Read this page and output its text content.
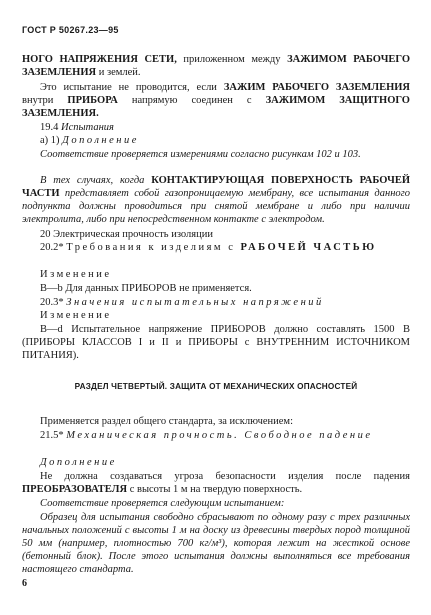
ГОСТ Р 50267.23—95

НОГО НАПРЯЖЕНИЯ СЕТИ, приложенном между ЗАЖИМОМ РАБОЧЕГО ЗАЗЕМЛЕНИЯ и землей.

Это испытание не проводится, если ЗАЖИМ РАБОЧЕГО ЗАЗЕМЛЕНИЯ внутри ПРИБОРА напрямую соединен с ЗАЖИМОМ ЗАЩИТНОГО ЗАЗЕМЛЕНИЯ.

19.4 Испытания

а) 1) Дополнение

Соответствие проверяется измерениями согласно рисункам 102 и 103.

В тех случаях, когда КОНТАКТИРУЮЩАЯ ПОВЕРХНОСТЬ РАБОЧЕЙ ЧАСТИ представляет собой газопроницаемую мембрану, все испытания данного подпункта должны проводиться при снятой мембране и либо при наличии электролита, либо при непосредственном контакте с электродом.

20 Электрическая прочность изоляции

20.2* Требования к изделиям с РАБОЧЕЙ ЧАСТЬЮ

Изменение

В—b Для данных ПРИБОРОВ не применяется.

20.3* Значения испытательных напряжений

Изменение

В—d Испытательное напряжение ПРИБОРОВ должно составлять 1500 В (ПРИБОРЫ КЛАССОВ I и II и ПРИБОРЫ с ВНУТРЕННИМ ИСТОЧНИКОМ ПИТАНИЯ).

РАЗДЕЛ ЧЕТВЕРТЫЙ. ЗАЩИТА ОТ МЕХАНИЧЕСКИХ ОПАСНОСТЕЙ

Применяется раздел общего стандарта, за исключением:

21.5* Механическая прочность. Свободное падение

Дополнение

Не должна создаваться угроза безопасности изделия после падения ПРЕОБРАЗОВАТЕЛЯ с высоты 1 м на твердую поверхность.

Соответствие проверяется следующим испытанием:

Образец для испытания свободно сбрасывают по одному разу с трех различных начальных положений с высоты 1 м на доску из древесины твердых пород толщиной 50 мм (например, плотностью 700 кг/м³), которая лежит на жесткой основе (бетонный блок). После этого испытания должны выполняться все требования настоящего стандарта.

6
